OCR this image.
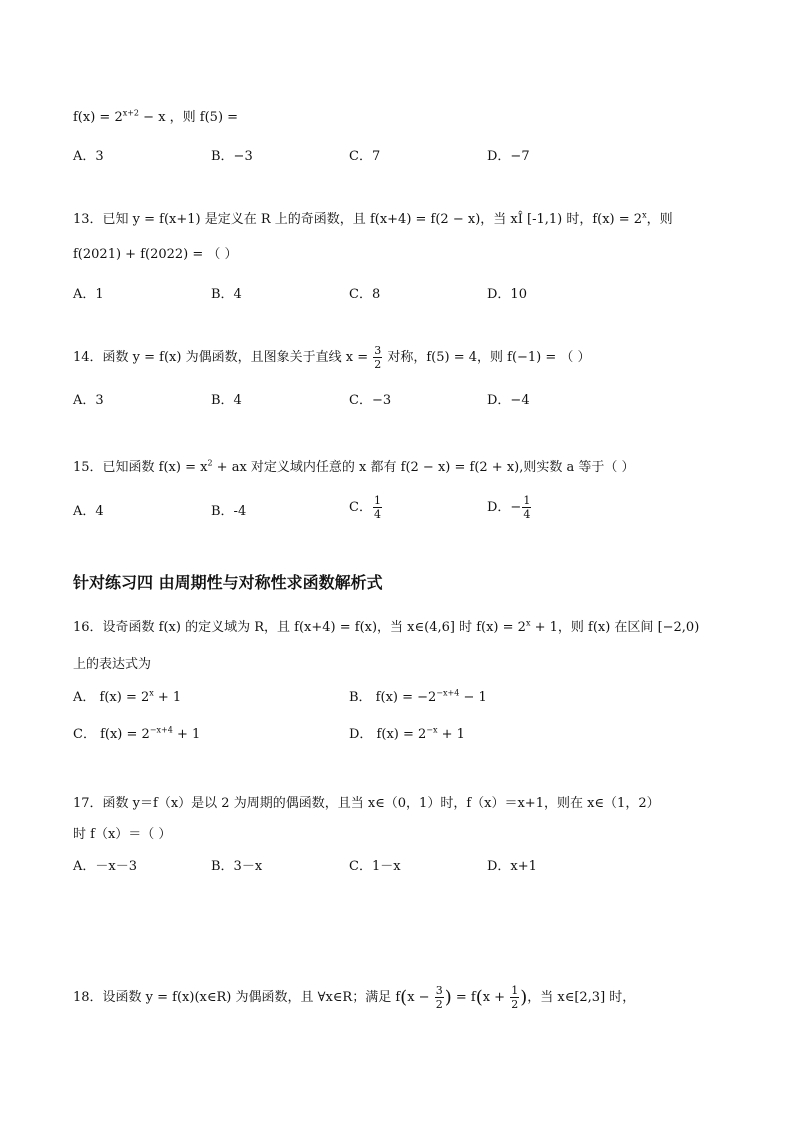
$f(x) = 2^{x+2} - x$ ，则 f(5) =
A．3	B．−3	C．7	D．−7
13．已知 y = f(x+1) 是定义在 R 上的奇函数，且 f(x+4) = f(2 − x)，当 xÎ [-1,1) 时，$f(x) = 2^x$，则
f(2021) + f(2022) = （ ）
A．1	B．4	C．8	D．10
14．函数 y = f(x) 为偶函数，且图象关于直线 $x = \frac{3}{2}$ 对称，f(5) = 4，则 f(−1) = （ ）
A．3	B．4	C．−3	D．−4
15．已知函数 $f(x) = x^2$ + ax 对定义域内任意的 x 都有 f(2 − x) = f(2 + x),则实数 a 等于（ ）
A．4	B．-4	C． $\frac{1}{4}$	D．− $\frac{1}{4}$
针对练习四 由周期性与对称性求函数解析式
16．设奇函数 f(x) 的定义域为 R，且 f(x+4) = f(x)，当 x∈(4,6] 时 $f(x) = 2^x + 1$，则 f(x) 在区间 [−2,0)
上的表达式为
A． $f(x) = 2^x + 1$	B． $f(x) = -2^{-x+4} - 1$
C． $f(x) = 2^{-x+4} + 1$	D． $f(x) = 2^{-x} + 1$
17．函数 y＝f（x）是以 2 为周期的偶函数，且当 x∈（0，1）时，f（x）＝x+1，则在 x∈（1，2）
时 f（x）＝（ ）
A．－x－3	B．3－x	C．1－x	D．x+1
18．设函数 y = f(x)(x∈R) 为偶函数，且 ∀x∈R；满足 $f(x - \frac{3}{2}$ ) = $f(x + \frac{1}{2}$ )，当 x∈[2,3] 时，
